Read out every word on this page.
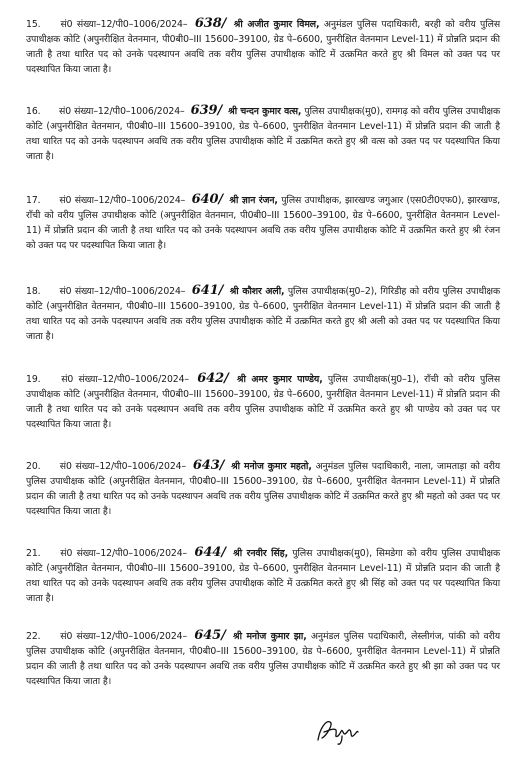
15. सं0 संख्या–12/पी0–1006/2024– 638/ श्री अजीत कुमार विमल, अनुमंडल पुलिस पदाधिकारी, बरही को वरीय पुलिस उपाधीक्षक कोटि (अपुनरीक्षित वेतनमान, पी0बी0–III 15600–39100, ग्रेड पे–6600, पुनरीक्षित वेतनमान Level-11) में प्रोन्नति प्रदान की जाती है तथा धारित पद को उनके पदस्थापन अवधि तक वरीय पुलिस उपाधीक्षक कोटि में उत्क्रमित करते हुए श्री विमल को उक्त पद पर पदस्थापित किया जाता है।
16. सं0 संख्या–12/पी0–1006/2024– 639/ श्री चन्दन कुमार वत्स, पुलिस उपाधीक्षक(मु0), रामगढ़ को वरीय पुलिस उपाधीक्षक कोटि (अपुनरीक्षित वेतनमान, पी0बी0–III 15600–39100, ग्रेड पे–6600, पुनरीक्षित वेतनमान Level-11) में प्रोन्नति प्रदान की जाती है तथा धारित पद को उनके पदस्थापन अवधि तक वरीय पुलिस उपाधीक्षक कोटि में उत्क्रमित करते हुए श्री वत्स को उक्त पद पर पदस्थापित किया जाता है।
17. सं0 संख्या–12/पी0–1006/2024– 640/ श्री ज्ञान रंजन, पुलिस उपाधीक्षक, झारखण्ड जगुआर (एस0टी0एफ0), झारखण्ड, राँची को वरीय पुलिस उपाधीक्षक कोटि (अपुनरीक्षित वेतनमान, पी0बी0–III 15600–39100, ग्रेड पे–6600, पुनरीक्षित वेतनमान Level-11) में प्रोन्नति प्रदान की जाती है तथा धारित पद को उनके पदस्थापन अवधि तक वरीय पुलिस उपाधीक्षक कोटि में उत्क्रमित करते हुए श्री रंजन को उक्त पद पर पदस्थापित किया जाता है।
18. सं0 संख्या–12/पी0–1006/2024– 641/ श्री कौशर अली, पुलिस उपाधीक्षक(मु0–2), गिरिडीह को वरीय पुलिस उपाधीक्षक कोटि (अपुनरीक्षित वेतनमान, पी0बी0–III 15600–39100, ग्रेड पे–6600, पुनरीक्षित वेतनमान Level-11) में प्रोन्नति प्रदान की जाती है तथा धारित पद को उनके पदस्थापन अवधि तक वरीय पुलिस उपाधीक्षक कोटि में उत्क्रमित करते हुए श्री अली को उक्त पद पर पदस्थापित किया जाता है।
19. सं0 संख्या–12/पी0–1006/2024– 642/ श्री अमर कुमार पाण्डेय, पुलिस उपाधीक्षक(मु0–1), राँची को वरीय पुलिस उपाधीक्षक कोटि (अपुनरीक्षित वेतनमान, पी0बी0–III 15600–39100, ग्रेड पे–6600, पुनरीक्षित वेतनमान Level-11) में प्रोन्नति प्रदान की जाती है तथा धारित पद को उनके पदस्थापन अवधि तक वरीय पुलिस उपाधीक्षक कोटि में उत्क्रमित करते हुए श्री पाण्डेय को उक्त पद पर पदस्थापित किया जाता है।
20. सं0 संख्या–12/पी0–1006/2024– 643/ श्री मनोज कुमार महतो, अनुमंडल पुलिस पदाधिकारी, नाला, जामताड़ा को वरीय पुलिस उपाधीक्षक कोटि (अपुनरीक्षित वेतनमान, पी0बी0–III 15600–39100, ग्रेड पे–6600, पुनरीक्षित वेतनमान Level-11) में प्रोन्नति प्रदान की जाती है तथा धारित पद को उनके पदस्थापन अवधि तक वरीय पुलिस उपाधीक्षक कोटि में उत्क्रमित करते हुए श्री महतो को उक्त पद पर पदस्थापित किया जाता है।
21. सं0 संख्या–12/पी0–1006/2024– 644/ श्री रनवीर सिंह, पुलिस उपाधीक्षक(मु0), सिमडेगा को वरीय पुलिस उपाधीक्षक कोटि (अपुनरीक्षित वेतनमान, पी0बी0–III 15600–39100, ग्रेड पे–6600, पुनरीक्षित वेतनमान Level-11) में प्रोन्नति प्रदान की जाती है तथा धारित पद को उनके पदस्थापन अवधि तक वरीय पुलिस उपाधीक्षक कोटि में उत्क्रमित करते हुए श्री सिंह को उक्त पद पर पदस्थापित किया जाता है।
22. सं0 संख्या–12/पी0–1006/2024– 645/ श्री मनोज कुमार झा, अनुमंडल पुलिस पदाधिकारी, लेस्लीगंज, पांकी को वरीय पुलिस उपाधीक्षक कोटि (अपुनरीक्षित वेतनमान, पी0बी0–III 15600–39100, ग्रेड पे–6600, पुनरीक्षित वेतनमान Level-11) में प्रोन्नति प्रदान की जाती है तथा धारित पद को उनके पदस्थापन अवधि तक वरीय पुलिस उपाधीक्षक कोटि में उत्क्रमित करते हुए श्री झा को उक्त पद पर पदस्थापित किया जाता है।
